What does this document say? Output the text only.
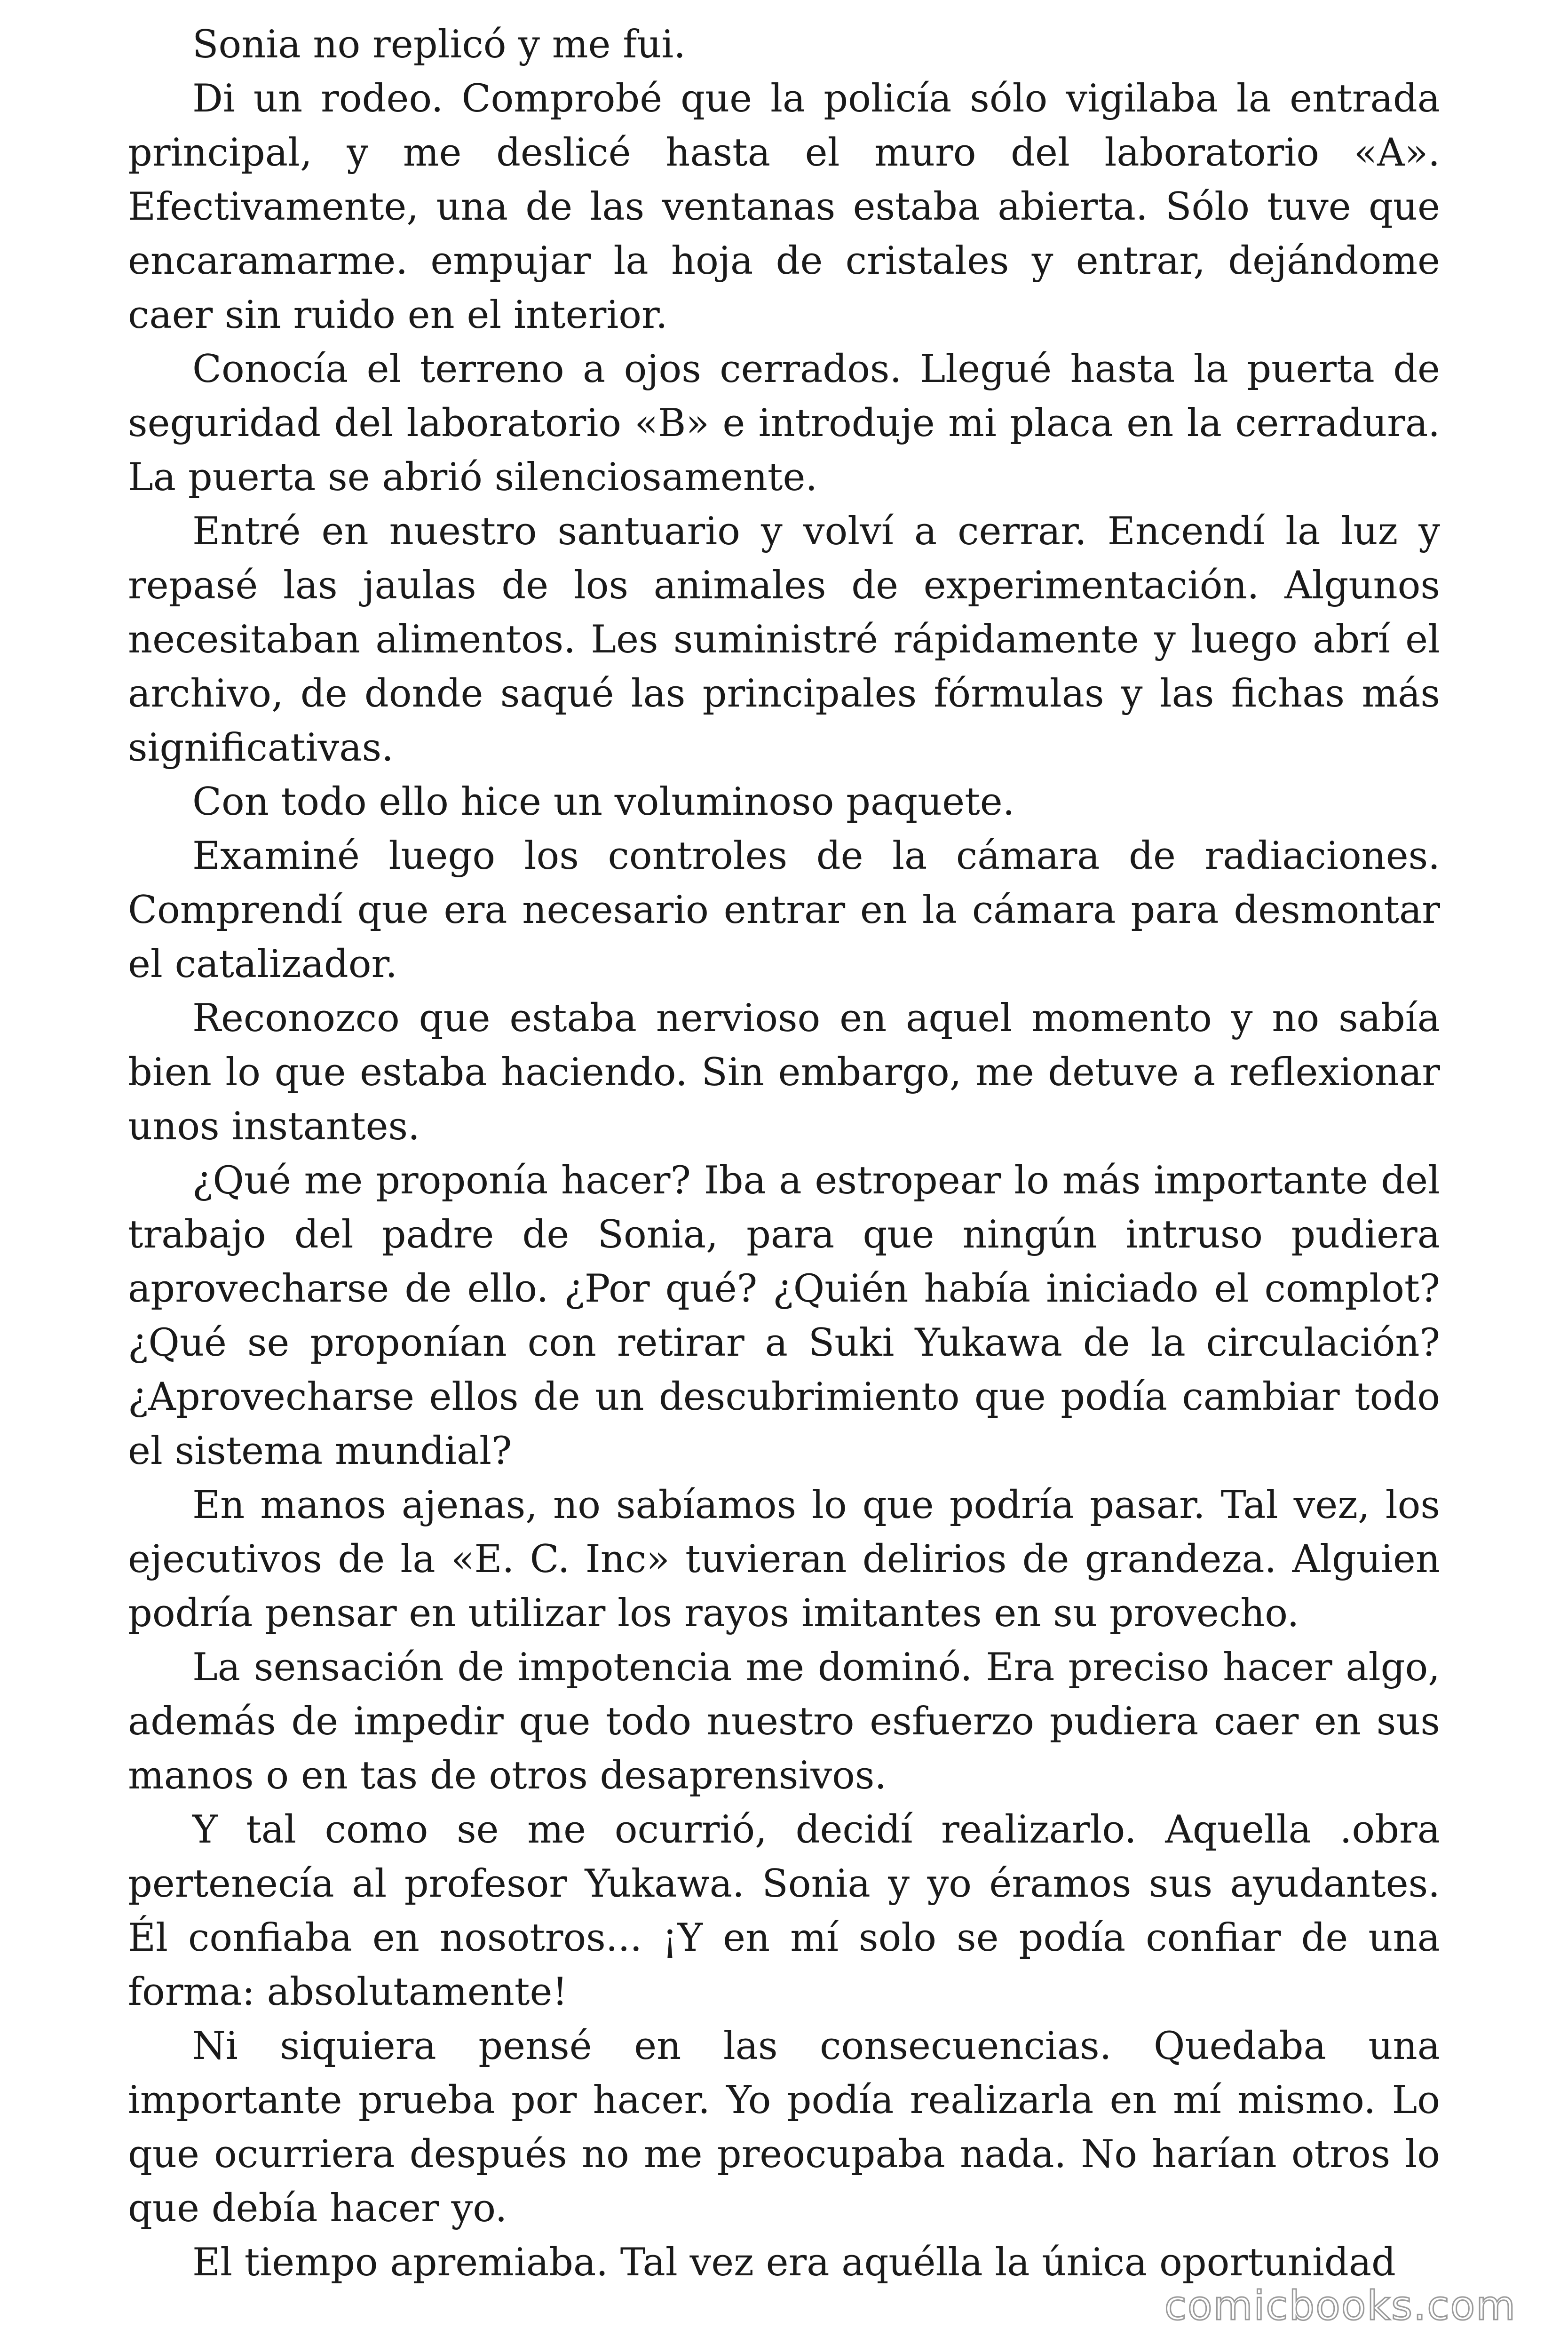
Sonia no replicó y me fui.

Di un rodeo. Comprobé que la policía sólo vigilaba la entrada principal, y me deslicé hasta el muro del laboratorio «A». Efectivamente, una de las ventanas estaba abierta. Sólo tuve que encaramarme. empujar la hoja de cristales y entrar, dejándome caer sin ruido en el interior.

Conocía el terreno a ojos cerrados. Llegué hasta la puerta de seguridad del laboratorio «B» e introduje mi placa en la cerradura. La puerta se abrió silenciosamente.

Entré en nuestro santuario y volví a cerrar. Encendí la luz y repasé las jaulas de los animales de experimentación. Algunos necesitaban alimentos. Les suministré rápidamente y luego abrí el archivo, de donde saqué las principales fórmulas y las fichas más significativas.

Con todo ello hice un voluminoso paquete.

Examiné luego los controles de la cámara de radiaciones. Comprendí que era necesario entrar en la cámara para desmontar el catalizador.

Reconozco que estaba nervioso en aquel momento y no sabía bien lo que estaba haciendo. Sin embargo, me detuve a reflexionar unos instantes.

¿Qué me proponía hacer? Iba a estropear lo más importante del trabajo del padre de Sonia, para que ningún intruso pudiera aprovecharse de ello. ¿Por qué? ¿Quién había iniciado el complot? ¿Qué se proponían con retirar a Suki Yukawa de la circulación? ¿Aprovecharse ellos de un descubrimiento que podía cambiar todo el sistema mundial?

En manos ajenas, no sabíamos lo que podría pasar. Tal vez, los ejecutivos de la «E. C. Inc» tuvieran delirios de grandeza. Alguien podría pensar en utilizar los rayos imitantes en su provecho.

La sensación de impotencia me dominó. Era preciso hacer algo, además de impedir que todo nuestro esfuerzo pudiera caer en sus manos o en tas de otros desaprensivos.

Y tal como se me ocurrió, decidí realizarlo. Aquella .obra pertenecía al profesor Yukawa. Sonia y yo éramos sus ayudantes. Él confiaba en nosotros... ¡Y en mí solo se podía confiar de una forma: absolutamente!

Ni siquiera pensé en las consecuencias. Quedaba una importante prueba por hacer. Yo podía realizarla en mí mismo. Lo que ocurriera después no me preocupaba nada. No harían otros lo que debía hacer yo.

El tiempo apremiaba. Tal vez era aquélla la única oportunidad

comicbooks.com
